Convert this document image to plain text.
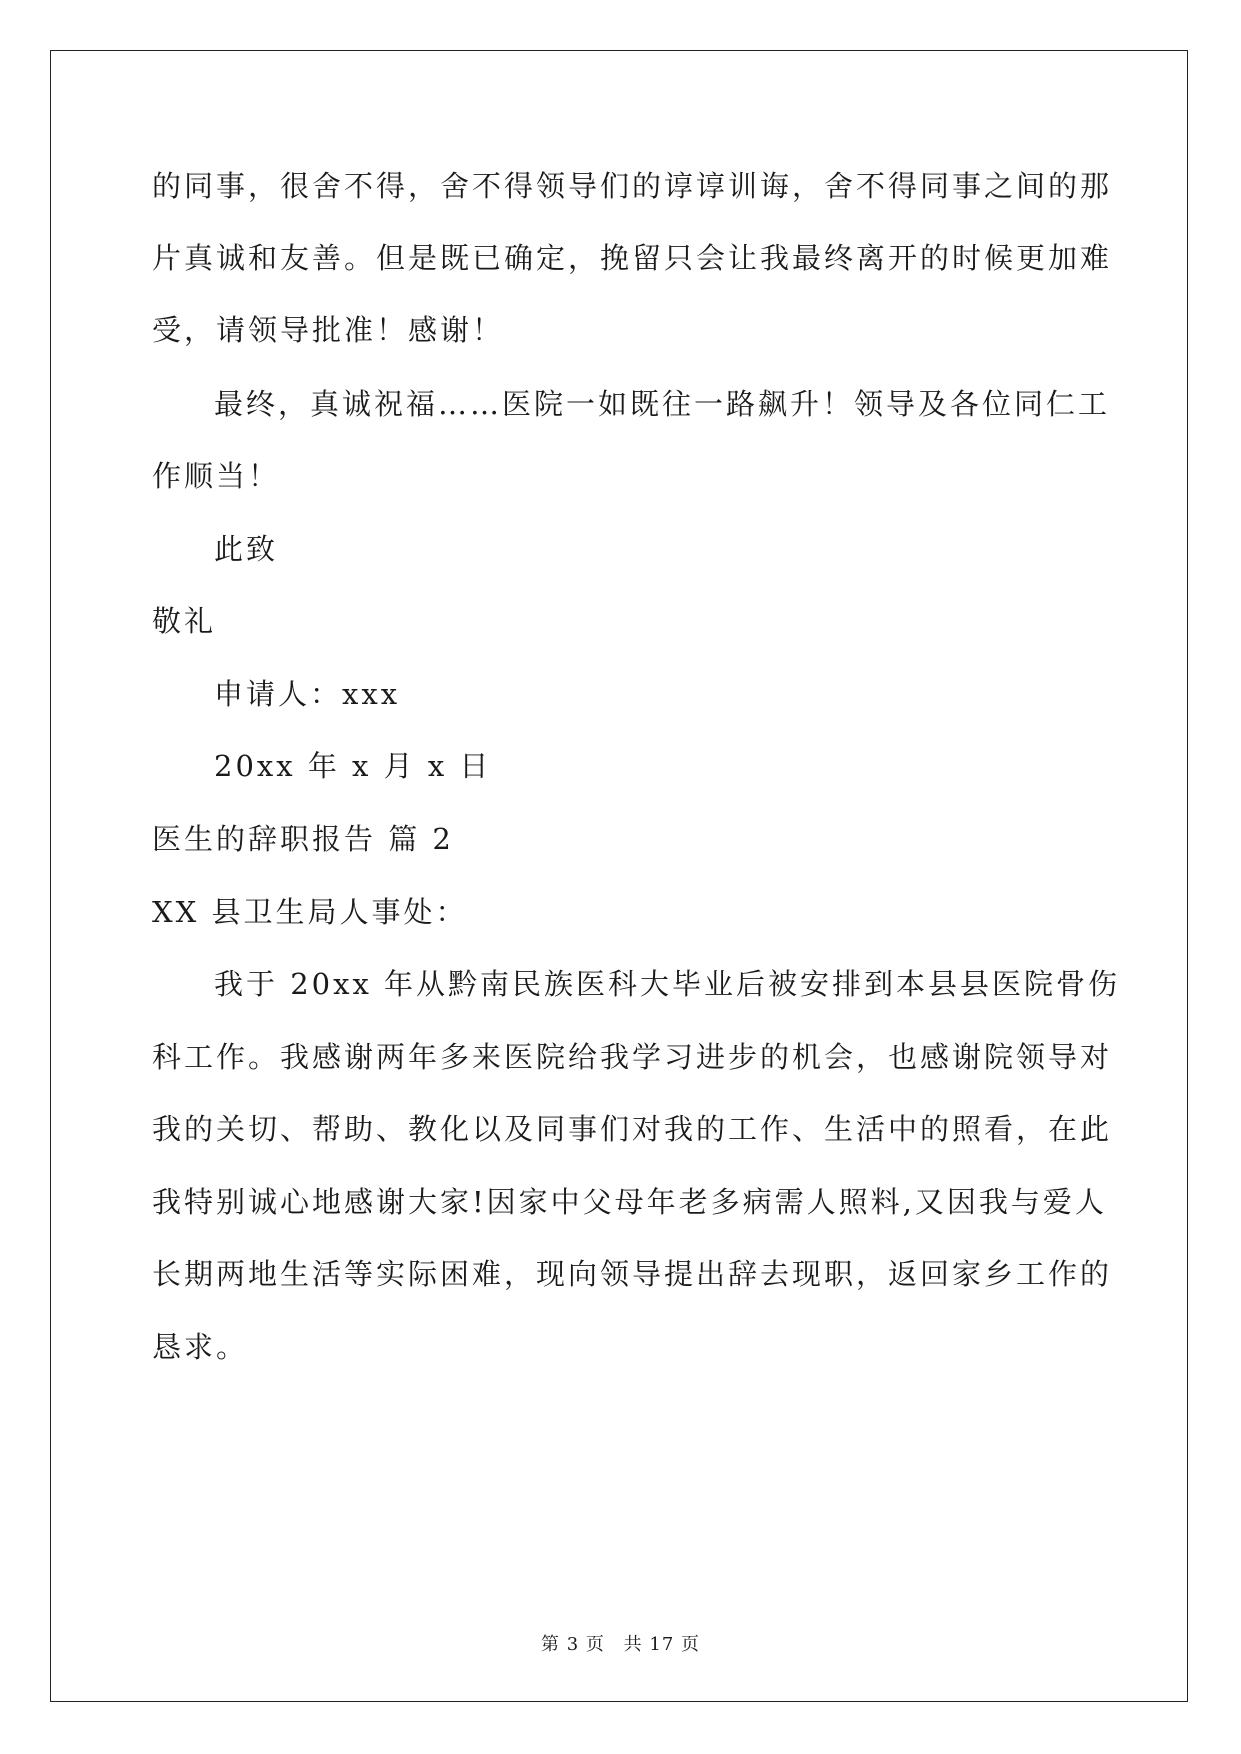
的同事，很舍不得，舍不得领导们的谆谆训诲，舍不得同事之间的那
片真诚和友善。但是既已确定，挽留只会让我最终离开的时候更加难
受，请领导批准！感谢！
最终，真诚祝福……医院一如既往一路飙升！领导及各位同仁工
作顺当！
此致
敬礼
申请人：xxx
20xx 年 x 月 x 日
医生的辞职报告 篇 2
XX 县卫生局人事处：
我于 20xx 年从黔南民族医科大毕业后被安排到本县县医院骨伤
科工作。我感谢两年多来医院给我学习进步的机会，也感谢院领导对
我的关切、帮助、教化以及同事们对我的工作、生活中的照看，在此
我特别诚心地感谢大家!因家中父母年老多病需人照料,又因我与爱人
长期两地生活等实际困难，现向领导提出辞去现职，返回家乡工作的
恳求。
第 3 页 共 17 页
